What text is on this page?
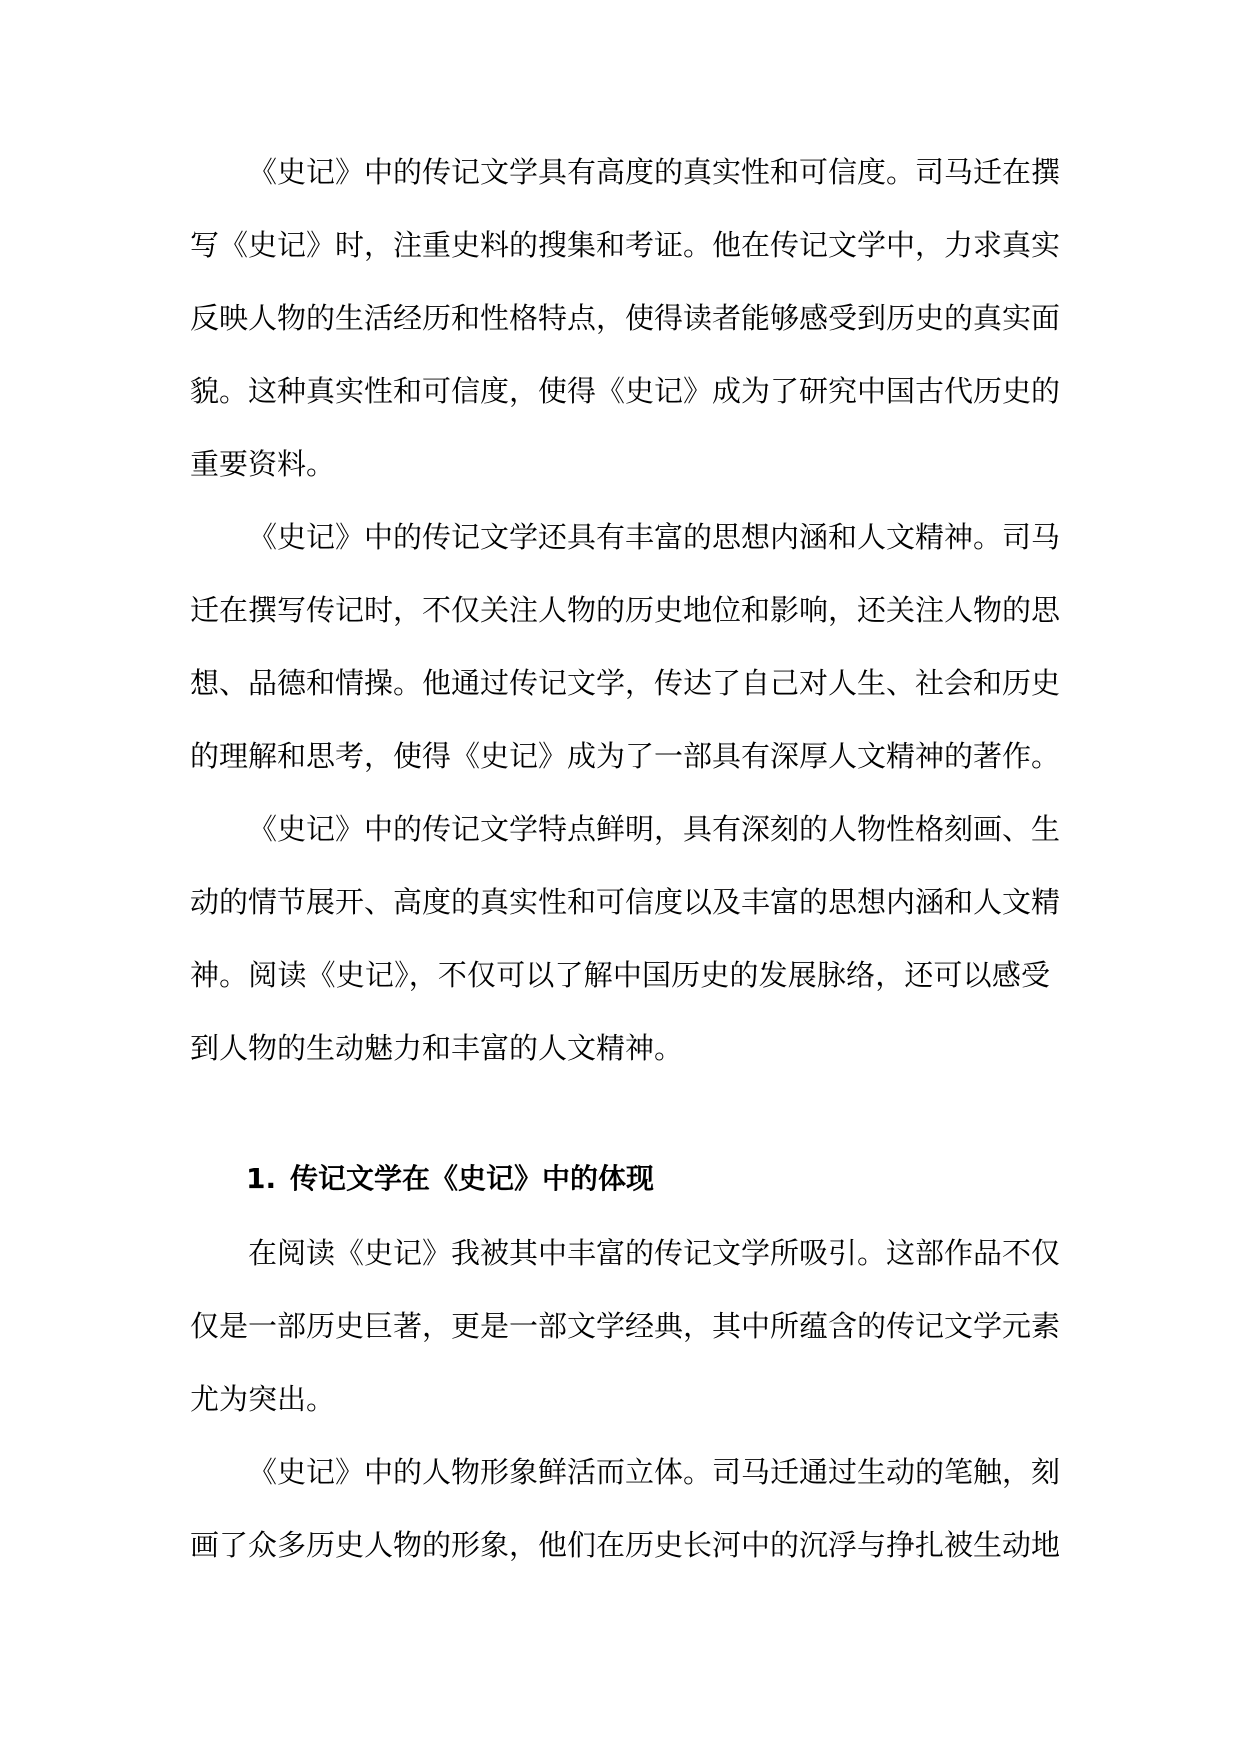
《史记》中的传记文学具有高度的真实性和可信度。司马迁在撰
写《史记》时，注重史料的搜集和考证。他在传记文学中，力求真实
反映人物的生活经历和性格特点，使得读者能够感受到历史的真实面
貌。这种真实性和可信度，使得《史记》成为了研究中国古代历史的
重要资料。
《史记》中的传记文学还具有丰富的思想内涵和人文精神。司马
迁在撰写传记时，不仅关注人物的历史地位和影响，还关注人物的思
想、品德和情操。他通过传记文学，传达了自己对人生、社会和历史
的理解和思考，使得《史记》成为了一部具有深厚人文精神的著作。
《史记》中的传记文学特点鲜明，具有深刻的人物性格刻画、生
动的情节展开、高度的真实性和可信度以及丰富的思想内涵和人文精
神。阅读《史记》，不仅可以了解中国历史的发展脉络，还可以感受
到人物的生动魅力和丰富的人文精神。
1. 传记文学在《史记》中的体现
在阅读《史记》我被其中丰富的传记文学所吸引。这部作品不仅
仅是一部历史巨著，更是一部文学经典，其中所蕴含的传记文学元素
尤为突出。
《史记》中的人物形象鲜活而立体。司马迁通过生动的笔触，刻
画了众多历史人物的形象，他们在历史长河中的沉浮与挣扎被生动地
